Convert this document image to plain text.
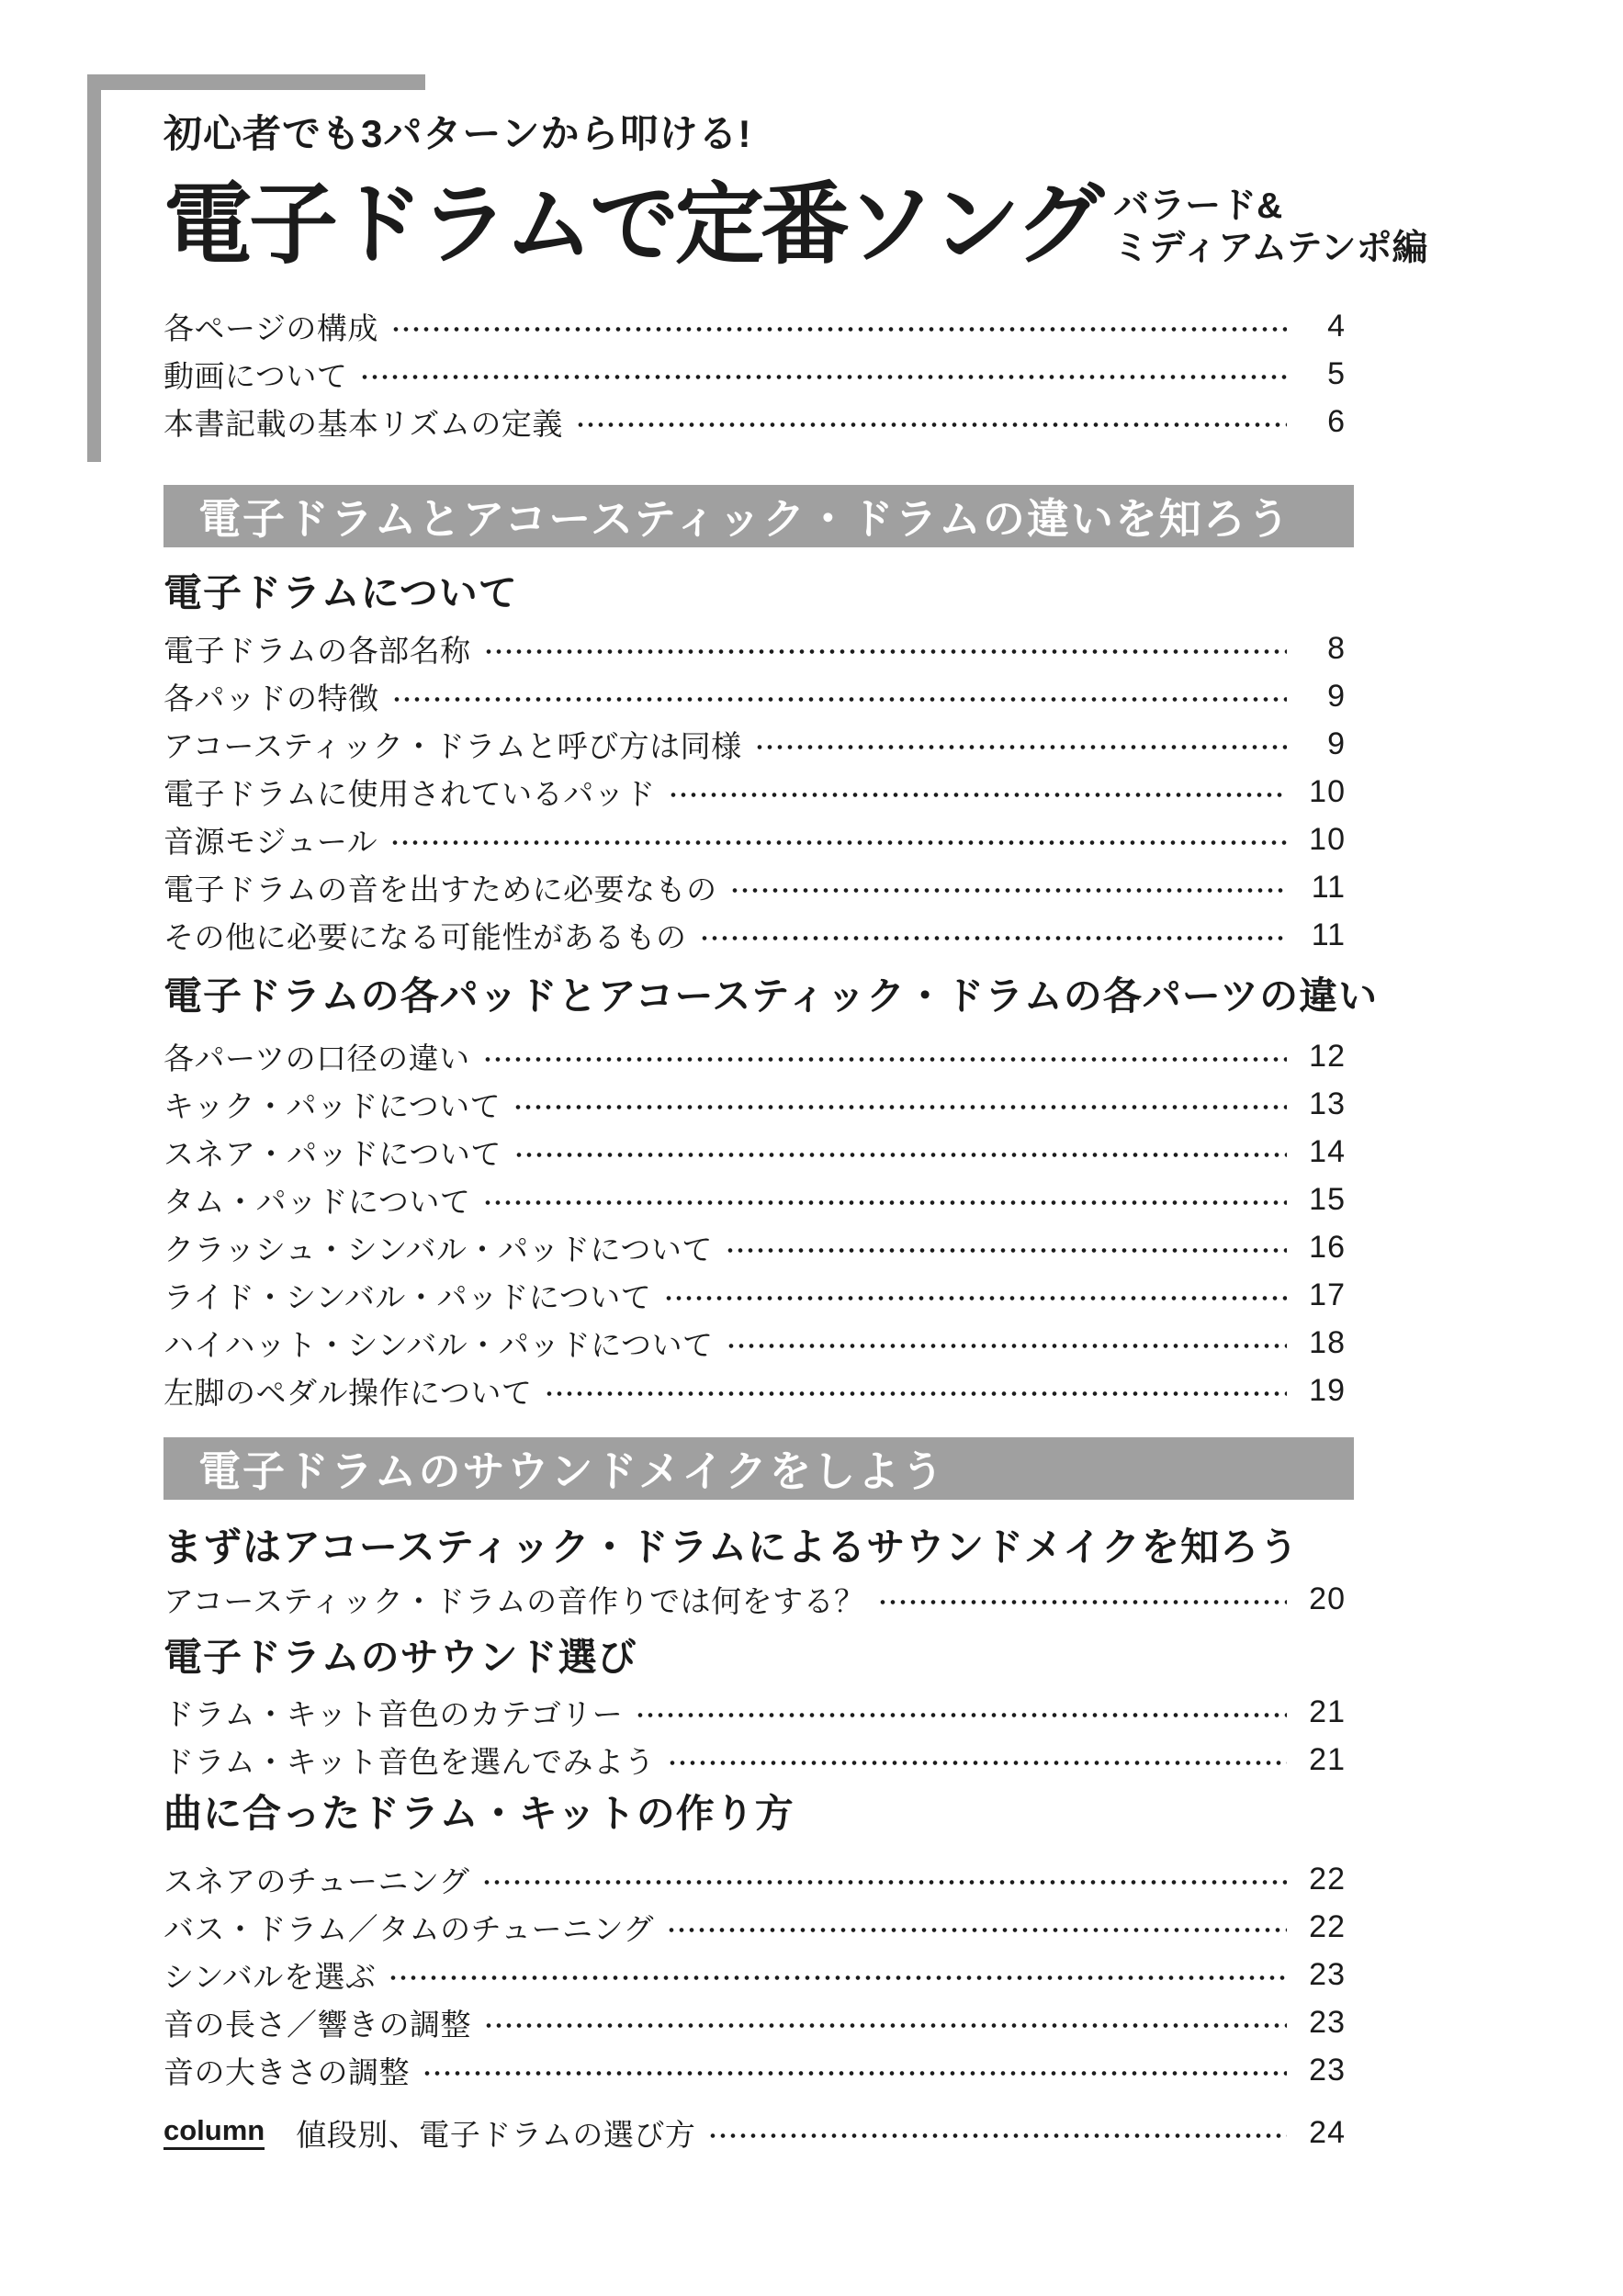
初心者でも3パターンから叩ける!
電子ドラムで定番ソング バラード&
ミディアムテンポ編
各ページの構成	4
動画について	5
本書記載の基本リズムの定義	6
電子ドラムとアコースティック・ドラムの違いを知ろう
電子ドラムについて
電子ドラムの各部名称	8
各パッドの特徴	9
アコースティック・ドラムと呼び方は同様	9
電子ドラムに使用されているパッド	10
音源モジュール	10
電子ドラムの音を出すために必要なもの	11
その他に必要になる可能性があるもの	11
電子ドラムの各パッドとアコースティック・ドラムの各パーツの違い
各パーツの口径の違い	12
キック・パッドについて	13
スネア・パッドについて	14
タム・パッドについて	15
クラッシュ・シンバル・パッドについて	16
ライド・シンバル・パッドについて	17
ハイハット・シンバル・パッドについて	18
左脚のペダル操作について	19
電子ドラムのサウンドメイクをしよう
まずはアコースティック・ドラムによるサウンドメイクを知ろう
アコースティック・ドラムの音作りでは何をする？	20
電子ドラムのサウンド選び
ドラム・キット音色のカテゴリー	21
ドラム・キット音色を選んでみよう	21
曲に合ったドラム・キットの作り方
スネアのチューニング	22
バス・ドラム／タムのチューニング	22
シンバルを選ぶ	23
音の長さ／響きの調整	23
音の大きさの調整	23
column 値段別、電子ドラムの選び方	24
